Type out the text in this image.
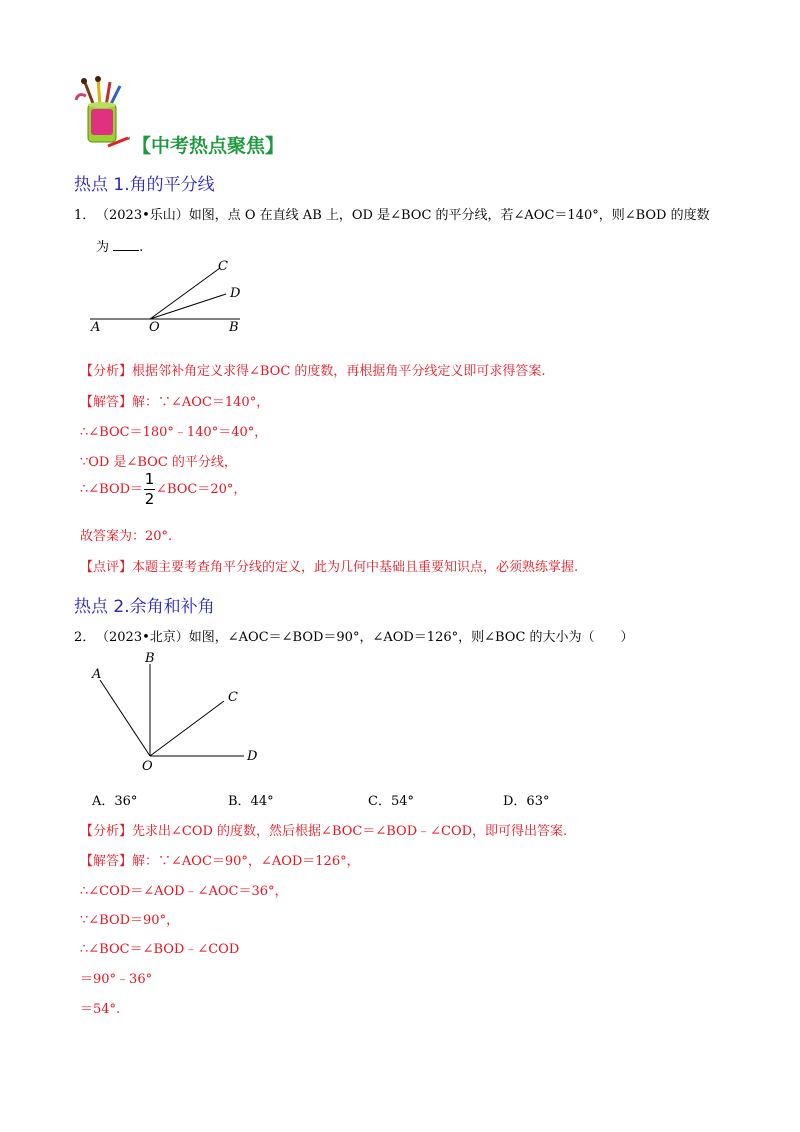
【中考热点聚焦】
热点 1.角的平分线
1． （2023•乐山）如图，点 O 在直线 AB 上，OD 是∠BOC 的平分线，若∠AOC＝140°，则∠BOD 的度数
为 .
A	O	B
C
D
【分析】根据邻补角定义求得∠BOC 的度数，再根据角平分线定义即可求得答案.
【解答】解：∵∠AOC＝140°，
∴∠BOC＝180°﹣140°＝40°，
∵OD 是∠BOC 的平分线，
∴∠BOD＝ $\frac{1}{2}$ ∠BOC＝20°，
故答案为：20°.
【点评】本题主要考查角平分线的定义，此为几何中基础且重要知识点，必须熟练掌握.
热点 2.余角和补角
2． （2023•北京）如图，∠AOC＝∠BOD＝90°，∠AOD＝126°，则∠BOC 的大小为（　　）
A
B
C
D
O
A．36°	B．44°	C．54°	D．63°
【分析】先求出∠COD 的度数，然后根据∠BOC＝∠BOD﹣∠COD，即可得出答案.
【解答】解：∵∠AOC＝90°，∠AOD＝126°，
∴∠COD＝∠AOD﹣∠AOC＝36°，
∵∠BOD＝90°，
∴∠BOC＝∠BOD﹣∠COD
＝90°﹣36°
＝54°.
